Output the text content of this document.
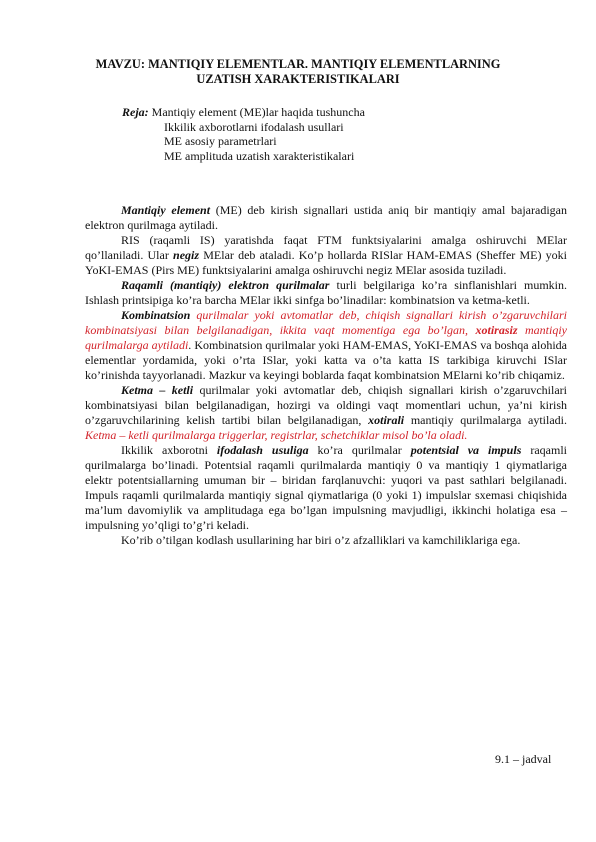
MAVZU: MANTIQIY ELEMENTLAR. MANTIQIY ELEMENTLARNING
UZATISH XARAKTERISTIKALARI
Reja: Mantiqiy element (ME)lar haqida tushuncha
Ikkilik axborotlarni ifodalash usullari
ME asosiy parametrlari
ME amplituda uzatish xarakteristikalari

Mantiqiy element (ME) deb kirish signallari ustida aniq bir mantiqiy amal bajaradigan elektron qurilmaga aytiladi.

RIS (raqamli IS) yaratishda faqat FTM funktsiyalarini amalga oshiruvchi MElar qo’llaniladi. Ular negiz MElar deb ataladi. Ko’p hollarda RISlar HAM-EMAS (Sheffer ME) yoki YoKI-EMAS (Pirs ME) funktsiyalarini amalga oshiruvchi negiz MElar asosida tuziladi.

Raqamli (mantiqiy) elektron qurilmalar turli belgilariga ko’ra sinflanishlari mumkin. Ishlash printsipiga ko’ra barcha MElar ikki sinfga bo’linadilar: kombinatsion va ketma-ketli.

Kombinatsion qurilmalar yoki avtomatlar deb, chiqish signallari kirish o’zgaruvchilari kombinatsiyasi bilan belgilanadigan, ikkita vaqt momentiga ega bo’lgan, xotirasiz mantiqiy qurilmalarga aytiladi. Kombinatsion qurilmalar yoki HAM-EMAS, YoKI-EMAS va boshqa alohida elementlar yordamida, yoki o’rta ISlar, yoki katta va o’ta katta IS tarkibiga kiruvchi ISlar ko’rinishda tayyorlanadi. Mazkur va keyingi boblarda faqat kombinatsion MElarni ko’rib chiqamiz.

Ketma – ketli qurilmalar yoki avtomatlar deb, chiqish signallari kirish o’zgaruvchilari kombinatsiyasi bilan belgilanadigan, hozirgi va oldingi vaqt momentlari uchun, ya’ni kirish o’zgaruvchilarining kelish tartibi bilan belgilanadigan, xotirali mantiqiy qurilmalarga aytiladi. Ketma – ketli qurilmalarga triggerlar, registrlar, schetchiklar misol bo’la oladi.

Ikkilik axborotni ifodalash usuliga ko’ra qurilmalar potentsial va impuls raqamli qurilmalarga bo’linadi. Potentsial raqamli qurilmalarda mantiqiy 0 va mantiqiy 1 qiymatlariga elektr potentsiallarning umuman bir – biridan farqlanuvchi: yuqori va past sathlari belgilanadi. Impuls raqamli qurilmalarda mantiqiy signal qiymatlariga (0 yoki 1) impulslar sxemasi chiqishida ma’lum davomiylik va amplitudaga ega bo’lgan impulsning mavjudligi, ikkinchi holatiga esa – impulsning yo’qligi to’g’ri keladi.

Ko’rib o’tilgan kodlash usullarining har biri o’z afzalliklari va kamchiliklariga ega.

9.1 – jadval
